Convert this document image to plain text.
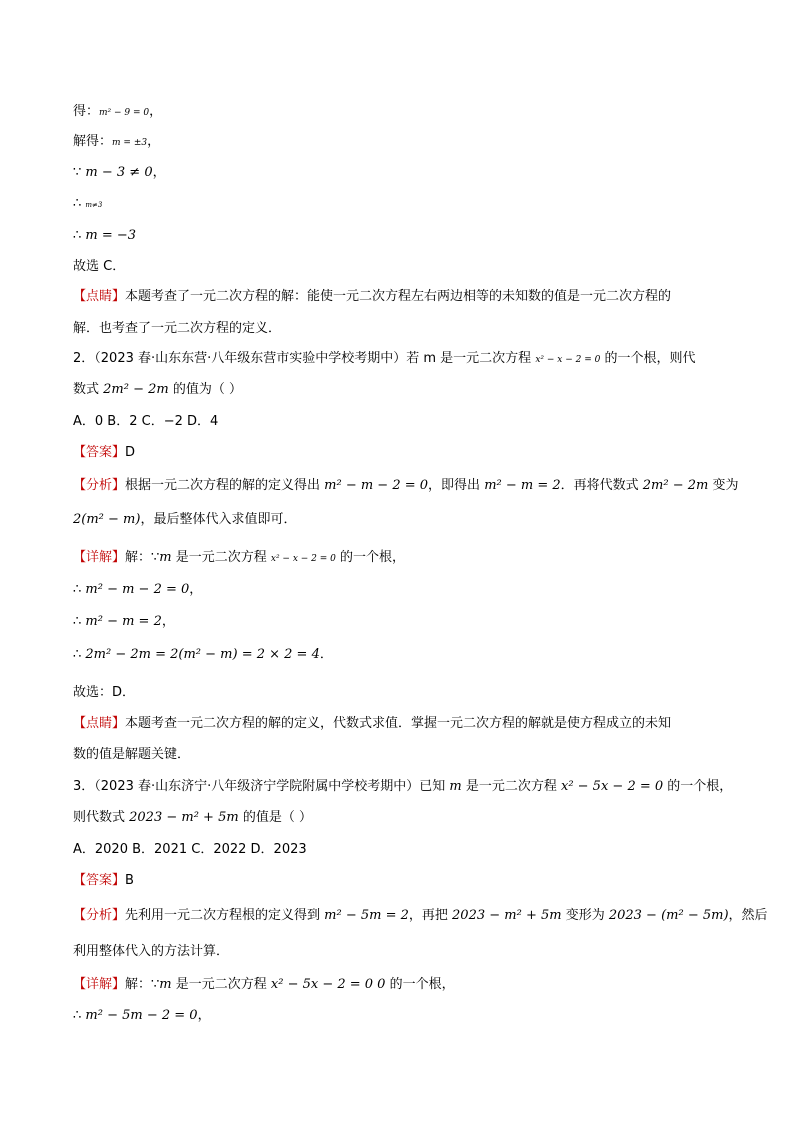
得：m² − 9 = 0，
解得：m = ±3，
∵ m − 3 ≠ 0，
∴ m≠3
∴ m = −3
故选 C．
【点睛】本题考查了一元二次方程的解：能使一元二次方程左右两边相等的未知数的值是一元二次方程的
解．也考查了一元二次方程的定义．
2．（2023 春·山东东营·八年级东营市实验中学校考期中）若 m 是一元二次方程 x² − x − 2 = 0 的一个根，则代
数式 2m² − 2m 的值为（ ）
A．0 B．2 C．−2 D．4
【答案】D
【分析】根据一元二次方程的解的定义得出 m² − m − 2 = 0，即得出 m² − m = 2．再将代数式 2m² − 2m 变为
2(m² − m)，最后整体代入求值即可．
【详解】解：∵m 是一元二次方程 x² − x − 2 = 0 的一个根，
∴ m² − m − 2 = 0，
∴ m² − m = 2，
∴ 2m² − 2m = 2(m² − m) = 2 × 2 = 4．
故选：D．
【点睛】本题考查一元二次方程的解的定义，代数式求值．掌握一元二次方程的解就是使方程成立的未知
数的值是解题关键．
3．（2023 春·山东济宁·八年级济宁学院附属中学校考期中）已知 m 是一元二次方程 x² − 5x − 2 = 0 的一个根，
则代数式 2023 − m² + 5m 的值是（ ）
A．2020 B．2021 C．2022 D．2023
【答案】B
【分析】先利用一元二次方程根的定义得到 m² − 5m = 2，再把 2023 − m² + 5m 变形为 2023 − (m² − 5m)，然后
利用整体代入的方法计算．
【详解】解：∵m 是一元二次方程 x² − 5x − 2 = 0 0 的一个根，
∴ m² − 5m − 2 = 0，
